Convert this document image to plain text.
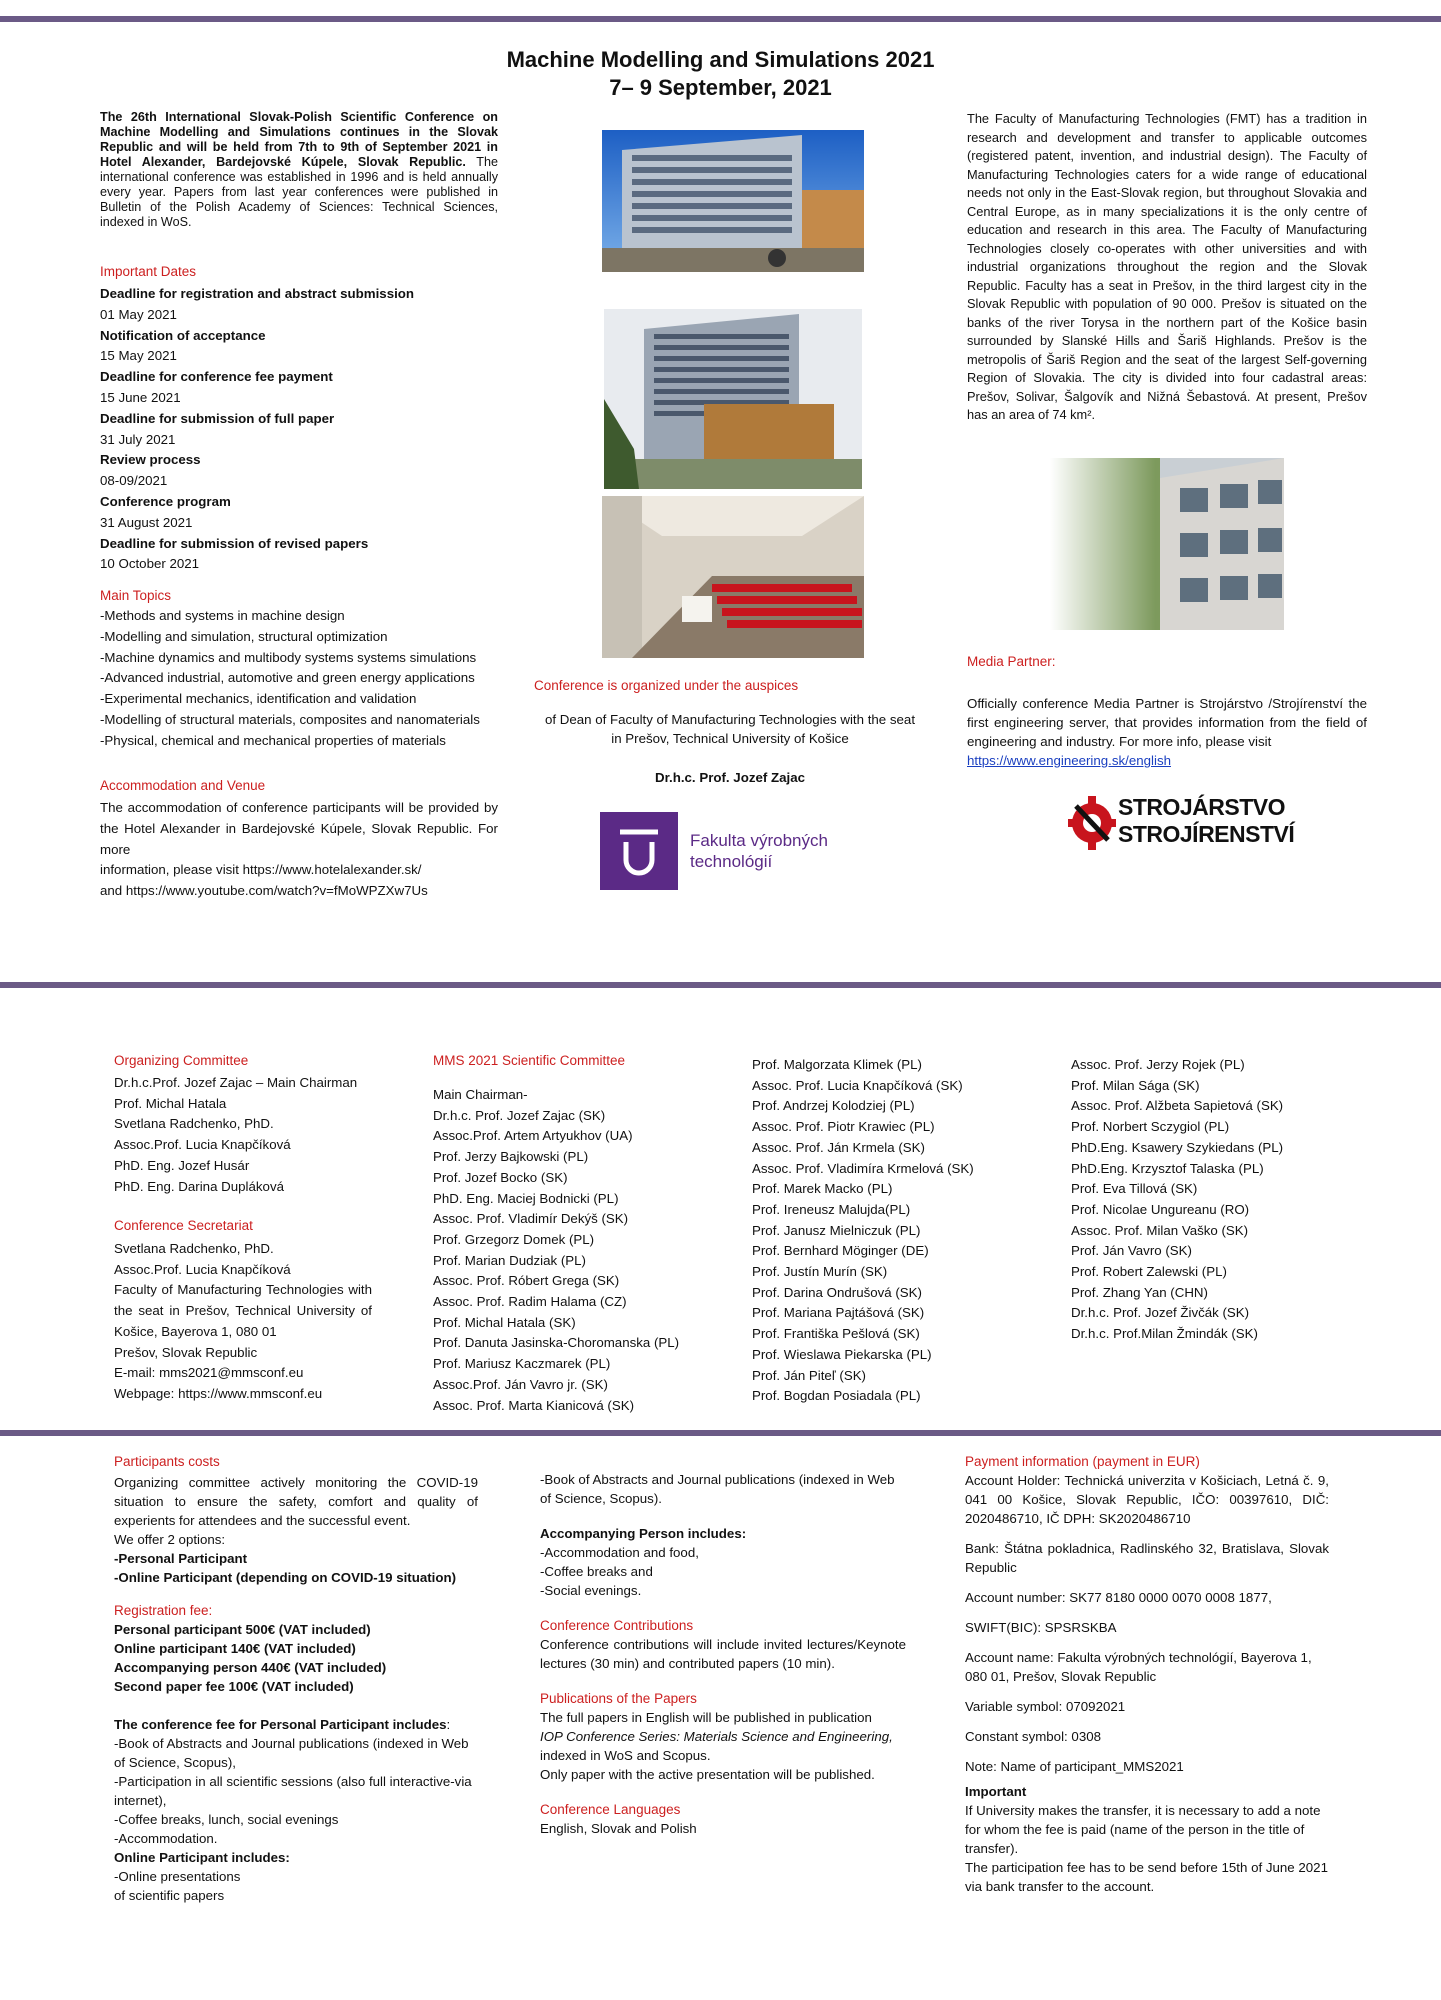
Machine Modelling and Simulations 2021
7– 9 September, 2021
The 26th International Slovak-Polish Scientific Conference on Machine Modelling and Simulations continues in the Slovak Republic and will be held from 7th to 9th of September 2021 in Hotel Alexander, Bardejovské Kúpele, Slovak Republic. The international conference was established in 1996 and is held annually every year. Papers from last year conferences were published in Bulletin of the Polish Academy of Sciences: Technical Sciences, indexed in WoS.
Important Dates
Deadline for registration and abstract submission
01 May 2021
Notification of acceptance
15 May 2021
Deadline for conference fee payment
15 June 2021
Deadline for submission of full paper
31 July 2021
Review process
08-09/2021
Conference program
31 August 2021
Deadline for submission of revised papers
10 October 2021
Main Topics
-Methods and systems in machine design
-Modelling and simulation, structural optimization
-Machine dynamics and multibody systems systems simulations
-Advanced industrial, automotive and green energy applications
-Experimental mechanics, identification and validation
-Modelling of structural materials, composites and nanomaterials
-Physical, chemical and mechanical properties of materials
Accommodation and Venue
The accommodation of conference participants will be provided by the Hotel Alexander in Bardejovské Kúpele, Slovak Republic. For more
information, please visit https://www.hotelalexander.sk/
and https://www.youtube.com/watch?v=fMoWPZXw7Us
Conference is organized under the auspices
of Dean of Faculty of Manufacturing Technologies with the seat
in Prešov, Technical University of Košice
Dr.h.c. Prof. Jozef Zajac
Fakulta výrobných
technológií
The Faculty of Manufacturing Technologies (FMT) has a tradition in research and development and transfer to applicable outcomes (registered patent, invention, and industrial design). The Faculty of Manufacturing Technologies caters for a wide range of educational needs not only in the East-Slovak region, but throughout Slovakia and Central Europe, as in many specializations it is the only centre of education and research in this area. The Faculty of Manufacturing Technologies closely co-operates with other universities and with industrial organizations throughout the region and the Slovak Republic. Faculty has a seat in Prešov, in the third largest city in the Slovak Republic with population of 90 000. Prešov is situated on the banks of the river Torysa in the northern part of the Košice basin surrounded by Slanské Hills and Šariš Highlands. Prešov is the metropolis of Šariš Region and the seat of the largest Self-governing Region of Slovakia. The city is divided into four cadastral areas: Prešov, Solivar, Šalgovík and Nižná Šebastová. At present, Prešov has an area of 74 km².
Media Partner:
Officially conference Media Partner is Strojárstvo /Strojírenství the first engineering server, that provides information from the field of engineering and industry. For more info, please visit
https://www.engineering.sk/english
STROJÁRSTVO
STROJÍRENSTVÍ
Organizing Committee
Dr.h.c.Prof. Jozef Zajac – Main Chairman
Prof. Michal Hatala
Svetlana Radchenko, PhD.
Assoc.Prof. Lucia Knapčíková
PhD. Eng. Jozef Husár
PhD. Eng. Darina Dupláková
Conference Secretariat
Svetlana Radchenko, PhD.
Assoc.Prof. Lucia Knapčíková
Faculty of Manufacturing Technologies with the seat in Prešov, Technical University of Košice, Bayerova 1, 080 01
Prešov, Slovak Republic
E-mail: mms2021@mmsconf.eu
Webpage: https://www.mmsconf.eu
MMS 2021 Scientific Committee
Main Chairman-
Dr.h.c. Prof. Jozef Zajac (SK)
Assoc.Prof. Artem Artyukhov (UA)
Prof. Jerzy Bajkowski (PL)
Prof. Jozef Bocko (SK)
PhD. Eng. Maciej Bodnicki (PL)
Assoc. Prof. Vladimír Dekýš (SK)
Prof. Grzegorz Domek (PL)
Prof. Marian Dudziak (PL)
Assoc. Prof. Róbert Grega (SK)
Assoc. Prof. Radim Halama (CZ)
Prof. Michal Hatala (SK)
Prof. Danuta Jasinska-Choromanska (PL)
Prof. Mariusz Kaczmarek (PL)
Assoc.Prof. Ján Vavro jr. (SK)
Assoc. Prof. Marta Kianicová (SK)
Prof. Malgorzata Klimek (PL)
Assoc. Prof. Lucia Knapčíková (SK)
Prof. Andrzej Kolodziej (PL)
Assoc. Prof. Piotr Krawiec (PL)
Assoc. Prof. Ján Krmela (SK)
Assoc. Prof. Vladimíra Krmelová (SK)
Prof. Marek Macko (PL)
Prof. Ireneusz Malujda(PL)
Prof. Janusz Mielniczuk (PL)
Prof. Bernhard Möginger (DE)
Prof. Justín Murín (SK)
Prof. Darina Ondrušová (SK)
Prof. Mariana Pajtášová (SK)
Prof. Františka Pešlová (SK)
Prof. Wieslawa Piekarska (PL)
Prof. Ján Piteľ (SK)
Prof. Bogdan Posiadala (PL)
Assoc. Prof. Jerzy Rojek (PL)
Prof. Milan Sága (SK)
Assoc. Prof. Alžbeta Sapietová (SK)
Prof. Norbert Sczygiol (PL)
PhD.Eng. Ksawery Szykiedans (PL)
PhD.Eng. Krzysztof Talaska (PL)
Prof. Eva Tillová (SK)
Prof. Nicolae Ungureanu (RO)
Assoc. Prof. Milan Vaško (SK)
Prof. Ján Vavro (SK)
Prof. Robert Zalewski (PL)
Prof. Zhang Yan (CHN)
Dr.h.c. Prof. Jozef Živčák (SK)
Dr.h.c. Prof.Milan Žmindák (SK)
Participants costs
Organizing committee actively monitoring the COVID-19 situation to ensure the safety, comfort and quality of experients for attendees and the successful event.
We offer 2 options:
-Personal Participant
-Online Participant (depending on COVID-19 situation)
Registration fee:
Personal participant 500€ (VAT included)
Online participant 140€ (VAT included)
Accompanying person 440€ (VAT included)
Second paper fee 100€ (VAT included)
The conference fee for Personal Participant includes:
-Book of Abstracts and Journal publications (indexed in Web of Science, Scopus),
-Participation in all scientific sessions (also full interactive-via internet),
-Coffee breaks, lunch, social evenings
-Accommodation.
Online Participant includes:
-Online presentations
of scientific papers
-Book of Abstracts and Journal publications (indexed in Web of Science, Scopus).
Accompanying Person includes:
-Accommodation and food,
-Coffee breaks and
-Social evenings.
Conference Contributions
Conference contributions will include invited lectures/Keynote lectures (30 min) and contributed papers (10 min).
Publications of the Papers
The full papers in English will be published in publication
IOP Conference Series: Materials Science and Engineering,
indexed in WoS and Scopus.
Only paper with the active presentation will be published.
Conference Languages
English, Slovak and Polish
Payment information (payment in EUR)
Account Holder: Technická univerzita v Košiciach, Letná č. 9, 041 00 Košice, Slovak Republic, IČO: 00397610, DIČ: 2020486710, IČ DPH: SK2020486710
Bank: Štátna pokladnica, Radlinského 32, Bratislava, Slovak Republic
Account number: SK77 8180 0000 0070 0008 1877,
SWIFT(BIC): SPSRSKBA
Account name: Fakulta výrobných technológií, Bayerova 1, 080 01, Prešov, Slovak Republic
Variable symbol: 07092021
Constant symbol: 0308
Note: Name of participant_MMS2021
Important
If University makes the transfer, it is necessary to add a note for whom the fee is paid (name of the person in the title of transfer).
The participation fee has to be send before 15th of June 2021 via bank transfer to the account.
